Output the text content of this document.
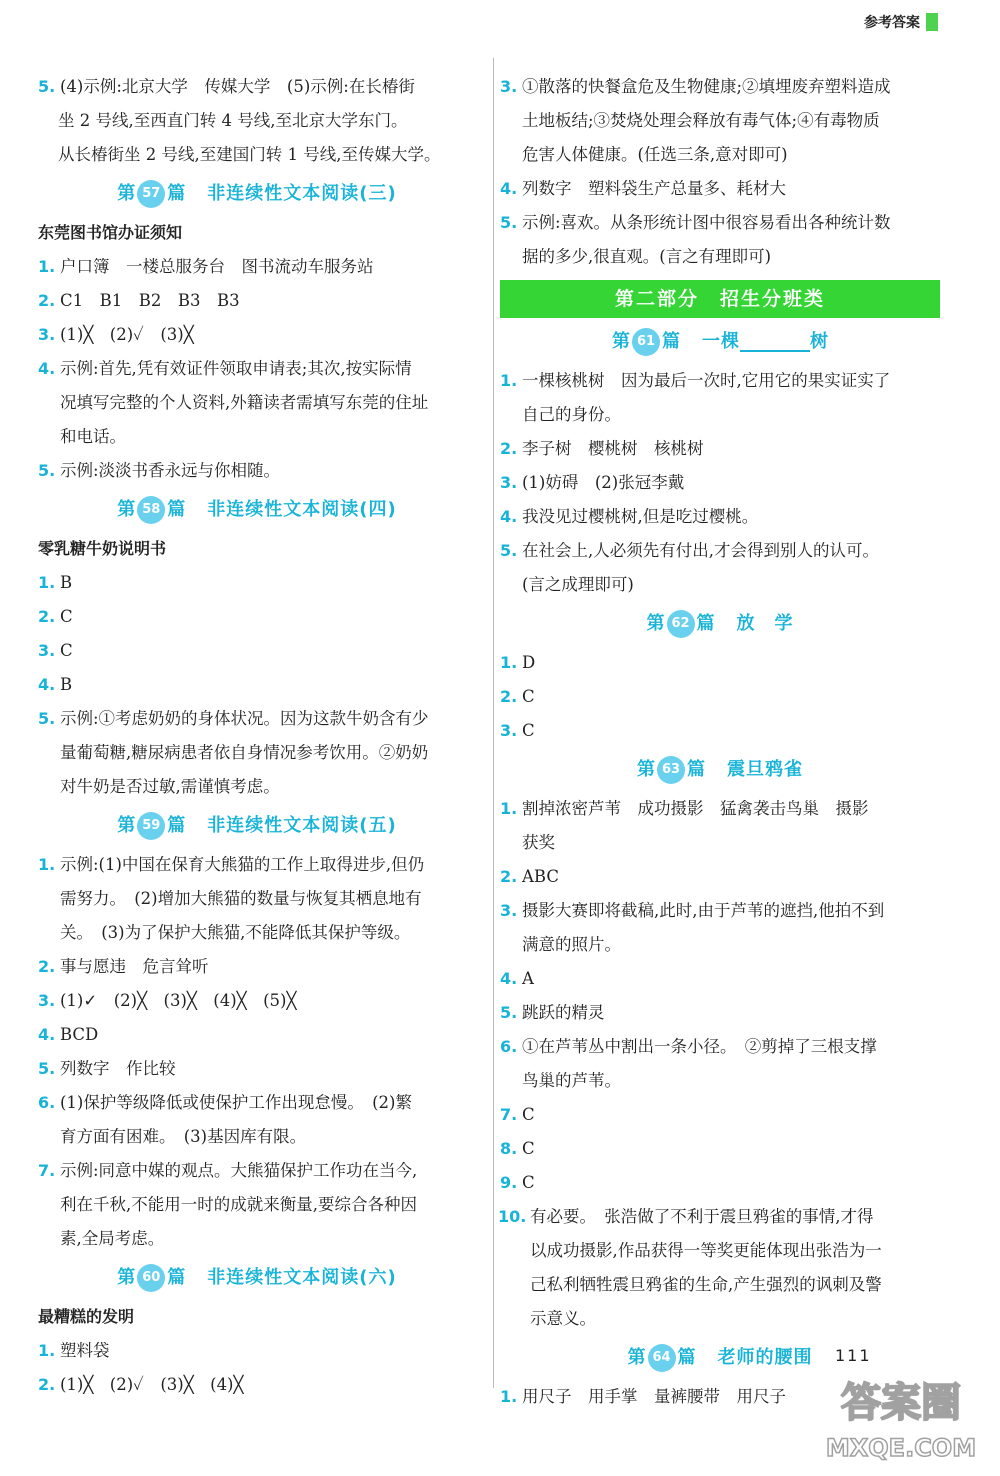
参考答案
5. (4)示例:北京大学　传媒大学　(5)示例:在长椿街
坐 2 号线,至西直门转 4 号线,至北京大学东门。
从长椿街坐 2 号线,至建国门转 1 号线,至传媒大学。
第 57 篇 非连续性文本阅读(三)
东莞图书馆办证须知
1. 户口簿　一楼总服务台　图书流动车服务站
2. C1　B1　B2　B3　B3
3. (1)╳　(2)✓　(3)╳
4. 示例:首先,凭有效证件领取申请表;其次,按实际情
况填写完整的个人资料,外籍读者需填写东莞的住址
和电话。
5. 示例:淡淡书香永远与你相随。
第 58 篇 非连续性文本阅读(四)
零乳糖牛奶说明书
1. B
2. C
3. C
4. B
5. 示例:①考虑奶奶的身体状况。因为这款牛奶含有少
量葡萄糖,糖尿病患者依自身情况参考饮用。②奶奶
对牛奶是否过敏,需谨慎考虑。
第 59 篇 非连续性文本阅读(五)
1. 示例:(1)中国在保育大熊猫的工作上取得进步,但仍
需努力。　(2)增加大熊猫的数量与恢复其栖息地有
关。　(3)为了保护大熊猫,不能降低其保护等级。
2. 事与愿违　危言耸听
3. (1)✓　(2)╳　(3)╳　(4)╳　(5)╳
4. BCD
5. 列数字　作比较
6. (1)保护等级降低或使保护工作出现怠慢。　(2)繁
育方面有困难。　(3)基因库有限。
7. 示例:同意中媒的观点。大熊猫保护工作功在当今,
利在千秋,不能用一时的成就来衡量,要综合各种因
素,全局考虑。
第 60 篇 非连续性文本阅读(六)
最糟糕的发明
1. 塑料袋
2. (1)╳　(2)✓　(3)╳　(4)╳
3. ①散落的快餐盒危及生物健康;②填埋废弃塑料造成
土地板结;③焚烧处理会释放有毒气体;④有毒物质
危害人体健康。(任选三条,意对即可)
4. 列数字　塑料袋生产总量多、耗材大
5. 示例:喜欢。从条形统计图中很容易看出各种统计数
据的多少,很直观。(言之有理即可)
第二部分　招生分班类
第 61 篇 一棵	树
1. 一棵核桃树　因为最后一次时,它用它的果实证实了
自己的身份。
2. 李子树　樱桃树　核桃树
3. (1)妨碍　(2)张冠李戴
4. 我没见过樱桃树,但是吃过樱桃。
5. 在社会上,人必须先有付出,才会得到别人的认可。
(言之成理即可)
第 62 篇 放　学
1. D
2. C
3. C
第 63 篇 震旦鸦雀
1. 割掉浓密芦苇　成功摄影　猛禽袭击鸟巢　摄影
获奖
2. ABC
3. 摄影大赛即将截稿,此时,由于芦苇的遮挡,他拍不到
满意的照片。
4. A
5. 跳跃的精灵
6. ①在芦苇丛中割出一条小径。　②剪掉了三根支撑
鸟巢的芦苇。
7. C
8. C
9. C
10. 有必要。　张浩做了不利于震旦鸦雀的事情,才得
以成功摄影,作品获得一等奖更能体现出张浩为一
己私利牺牲震旦鸦雀的生命,产生强烈的讽刺及警
示意义。
第 64 篇 老师的腰围
1. 用尺子　用手掌　量裤腰带　用尺子
111
答案圈
MXQE.COM
